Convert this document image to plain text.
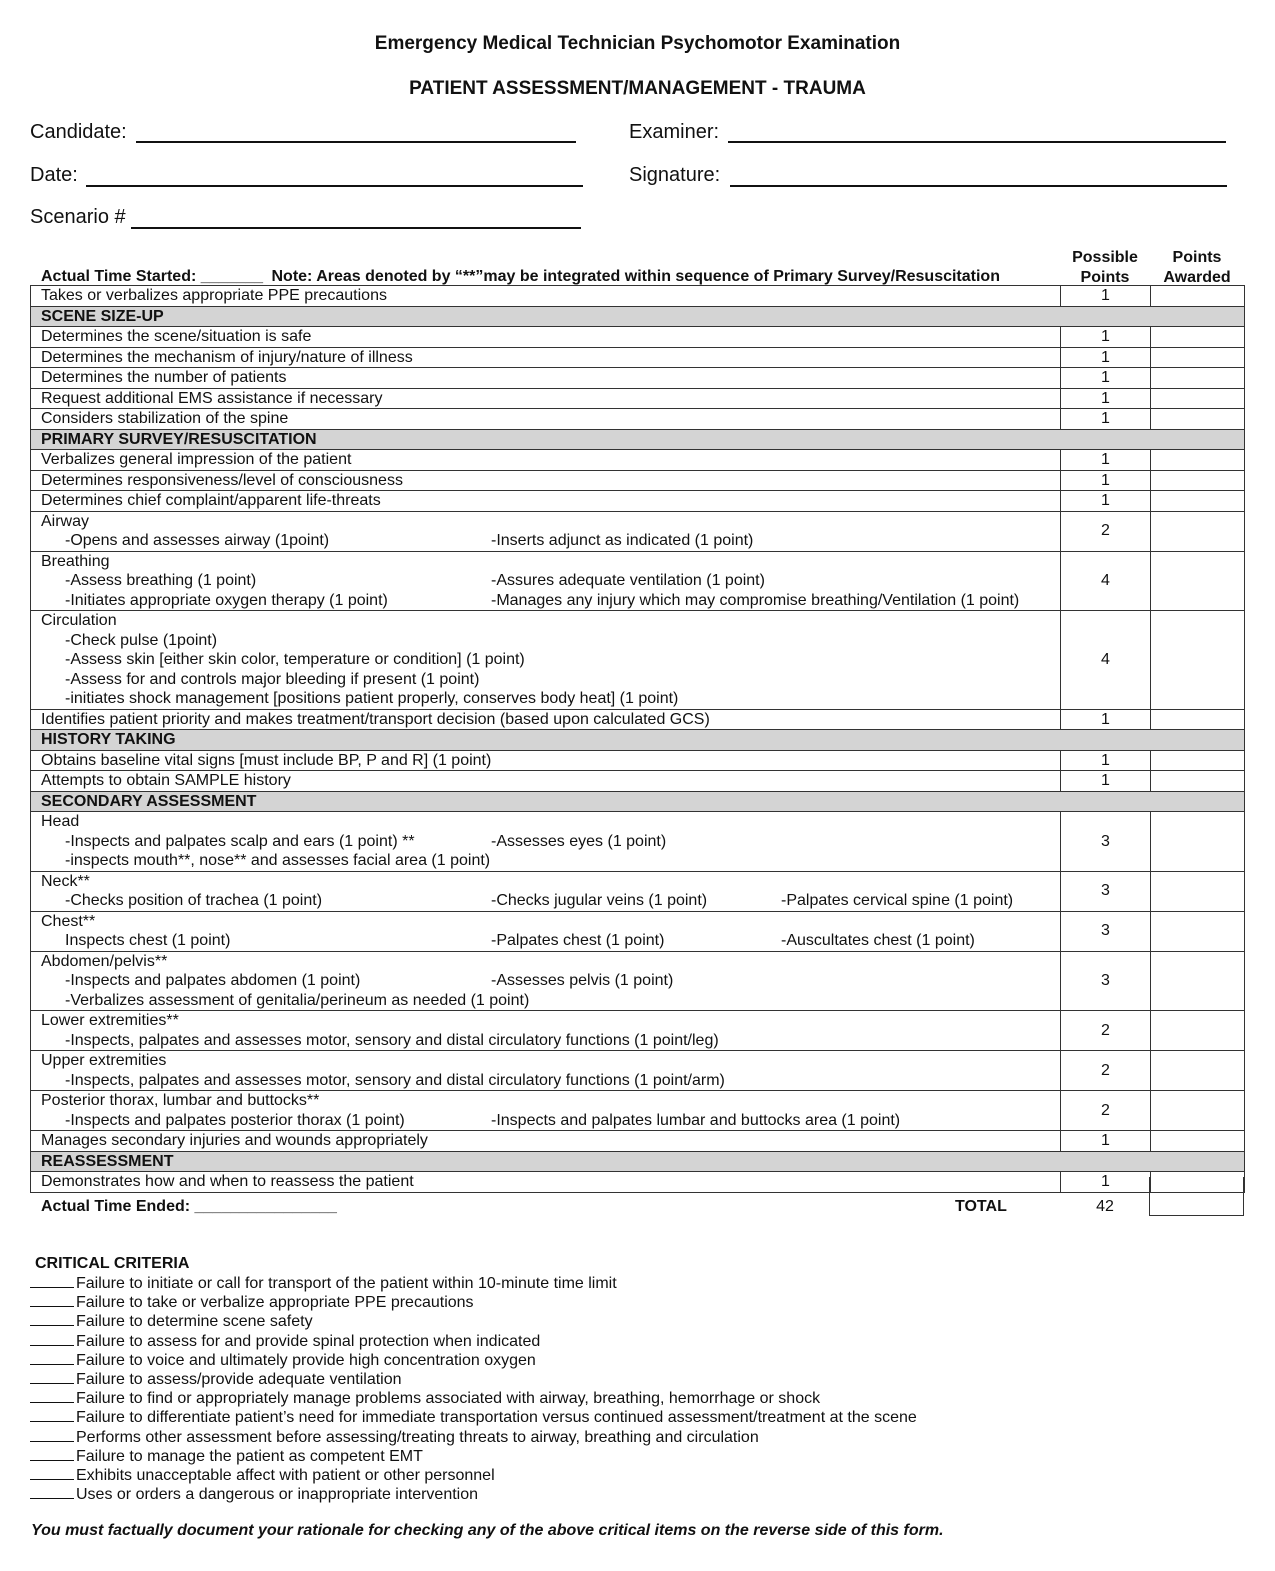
Emergency Medical Technician Psychomotor Examination
PATIENT ASSESSMENT/MANAGEMENT - TRAUMA
Candidate:	Examiner:
Date:	Signature:
Scenario #
Actual Time Started: _______ Note: Areas denoted by “**”may be integrated within sequence of Primary Survey/Resuscitation
Possible
Points
Points
Awarded
Takes or verbalizes appropriate PPE precautions	1	
SCENE SIZE-UP		

Determines the scene/situation is safe	1	

Determines the mechanism of injury/nature of illness	1	

Determines the number of patients	1	

Request additional EMS assistance if necessary	1	

Considers stabilization of the spine	1	
PRIMARY SURVEY/RESUSCITATION		

Verbalizes general impression of the patient	1	

Determines responsiveness/level of consciousness	1	

Determines chief complaint/apparent life-threats	1	

Airway
-Opens and assesses airway (1point) -Inserts adjunct as indicated (1 point)	2	

Breathing
-Assess breathing (1 point) -Assures adequate ventilation (1 point)
-Initiates appropriate oxygen therapy (1 point) -Manages any injury which may compromise breathing/Ventilation (1 point)	4	

Circulation
-Check pulse (1point)
-Assess skin [either skin color, temperature or condition] (1 point)
-Assess for and controls major bleeding if present (1 point)
-initiates shock management [positions patient properly, conserves body heat] (1 point)	4	

Identifies patient priority and makes treatment/transport decision (based upon calculated GCS)	1	
HISTORY TAKING		

Obtains baseline vital signs [must include BP, P and R] (1 point)	1	

Attempts to obtain SAMPLE history	1	
SECONDARY ASSESSMENT		

Head
-Inspects and palpates scalp and ears (1 point) ** -Assesses eyes (1 point)
-inspects mouth**, nose** and assesses facial area (1 point)	3	

Neck**
-Checks position of trachea (1 point) -Checks jugular veins (1 point) -Palpates cervical spine (1 point)	3	

Chest**
Inspects chest (1 point) -Palpates chest (1 point) -Auscultates chest (1 point)	3	

Abdomen/pelvis**
-Inspects and palpates abdomen (1 point) -Assesses pelvis (1 point)
-Verbalizes assessment of genitalia/perineum as needed (1 point)	3	

Lower extremities**
-Inspects, palpates and assesses motor, sensory and distal circulatory functions (1 point/leg)	2	

Upper extremities
-Inspects, palpates and assesses motor, sensory and distal circulatory functions (1 point/arm)	2	

Posterior thorax, lumbar and buttocks**
-Inspects and palpates posterior thorax (1 point) -Inspects and palpates lumbar and buttocks area (1 point)	2	

Manages secondary injuries and wounds appropriately	1	
REASSESSMENT		

Demonstrates how and when to reassess the patient	1	
Actual Time Ended: ________________	TOTAL	42
CRITICAL CRITERIA
Failure to initiate or call for transport of the patient within 10-minute time limit
Failure to take or verbalize appropriate PPE precautions
Failure to determine scene safety
Failure to assess for and provide spinal protection when indicated
Failure to voice and ultimately provide high concentration oxygen
Failure to assess/provide adequate ventilation
Failure to find or appropriately manage problems associated with airway, breathing, hemorrhage or shock
Failure to differentiate patient’s need for immediate transportation versus continued assessment/treatment at the scene
Performs other assessment before assessing/treating threats to airway, breathing and circulation
Failure to manage the patient as competent EMT
Exhibits unacceptable affect with patient or other personnel
Uses or orders a dangerous or inappropriate intervention
You must factually document your rationale for checking any of the above critical items on the reverse side of this form.
